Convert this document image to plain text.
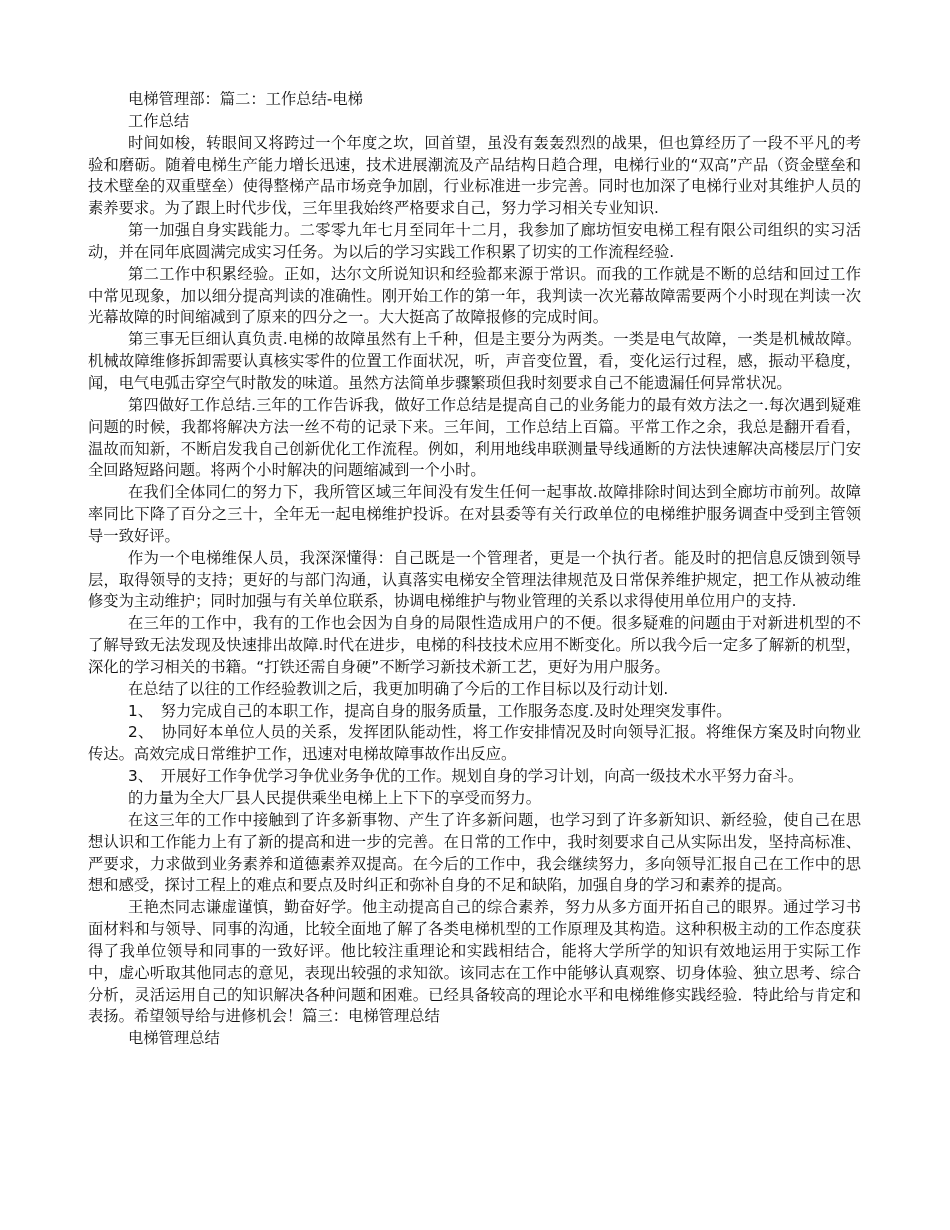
电梯管理部：篇二：工作总结-电梯

工作总结

时间如梭，转眼间又将跨过一个年度之坎，回首望，虽没有轰轰烈烈的战果，但也算经历了一段不平凡的考验和磨砺。随着电梯生产能力增长迅速，技术进展潮流及产品结构日趋合理，电梯行业的“双高”产品（资金壁垒和技术壁垒的双重壁垒）使得整梯产品市场竞争加剧，行业标准进一步完善。同时也加深了电梯行业对其维护人员的素养要求。为了跟上时代步伐，三年里我始终严格要求自己，努力学习相关专业知识.

第一加强自身实践能力。二零零九年七月至同年十二月，我参加了廊坊恒安电梯工程有限公司组织的实习活动，并在同年底圆满完成实习任务。为以后的学习实践工作积累了切实的工作流程经验.

第二工作中积累经验。正如，达尔文所说知识和经验都来源于常识。而我的工作就是不断的总结和回过工作中常见现象，加以细分提高判读的准确性。刚开始工作的第一年，我判读一次光幕故障需要两个小时现在判读一次光幕故障的时间缩减到了原来的四分之一。大大挺高了故障报修的完成时间。

第三事无巨细认真负责.电梯的故障虽然有上千种，但是主要分为两类。一类是电气故障，一类是机械故障。机械故障维修拆卸需要认真核实零件的位置工作面状况，听，声音变位置，看，变化运行过程，感，振动平稳度，闻，电气电弧击穿空气时散发的味道。虽然方法简单步骤繁琐但我时刻要求自己不能遗漏任何异常状况。

第四做好工作总结.三年的工作告诉我，做好工作总结是提高自己的业务能力的最有效方法之一.每次遇到疑难问题的时候，我都将解决方法一丝不苟的记录下来。三年间，工作总结上百篇。平常工作之余，我总是翻开看看，温故而知新，不断启发我自己创新优化工作流程。例如，利用地线串联测量导线通断的方法快速解决高楼层厅门安全回路短路问题。将两个小时解决的问题缩减到一个小时。

在我们全体同仁的努力下，我所管区域三年间没有发生任何一起事故.故障排除时间达到全廊坊市前列。故障率同比下降了百分之三十，全年无一起电梯维护投诉。在对县委等有关行政单位的电梯维护服务调查中受到主管领导一致好评。

作为一个电梯维保人员，我深深懂得：自己既是一个管理者，更是一个执行者。能及时的把信息反馈到领导层，取得领导的支持；更好的与部门沟通，认真落实电梯安全管理法律规范及日常保养维护规定，把工作从被动维修变为主动维护；同时加强与有关单位联系，协调电梯维护与物业管理的关系以求得使用单位用户的支持.

在三年的工作中，我有的工作也会因为自身的局限性造成用户的不便。很多疑难的问题由于对新进机型的不了解导致无法发现及快速排出故障.时代在进步，电梯的科技技术应用不断变化。所以我今后一定多了解新的机型，深化的学习相关的书籍。“打铁还需自身硬”不断学习新技术新工艺，更好为用户服务。

在总结了以往的工作经验教训之后，我更加明确了今后的工作目标以及行动计划.

1、　努力完成自己的本职工作，提高自身的服务质量，工作服务态度.及时处理突发事件。

2、　协同好本单位人员的关系，发挥团队能动性，将工作安排情况及时向领导汇报。将维保方案及时向物业传达。高效完成日常维护工作，迅速对电梯故障事故作出反应。

3、　开展好工作争优学习争优业务争优的工作。规划自身的学习计划，向高一级技术水平努力奋斗。

的力量为全大厂县人民提供乘坐电梯上上下下的享受而努力。

在这三年的工作中接触到了许多新事物、产生了许多新问题，也学习到了许多新知识、新经验，使自己在思想认识和工作能力上有了新的提高和进一步的完善。在日常的工作中，我时刻要求自己从实际出发，坚持高标准、严要求，力求做到业务素养和道德素养双提高。在今后的工作中，我会继续努力，多向领导汇报自己在工作中的思想和感受，探讨工程上的难点和要点及时纠正和弥补自身的不足和缺陷，加强自身的学习和素养的提高。

王艳杰同志谦虚谨慎，勤奋好学。他主动提高自己的综合素养，努力从多方面开拓自己的眼界。通过学习书面材料和与领导、同事的沟通，比较全面地了解了各类电梯机型的工作原理及其构造。这种积极主动的工作态度获得了我单位领导和同事的一致好评。他比较注重理论和实践相结合，能将大学所学的知识有效地运用于实际工作中，虚心听取其他同志的意见，表现出较强的求知欲。该同志在工作中能够认真观察、切身体验、独立思考、综合分析，灵活运用自己的知识解决各种问题和困难。已经具备较高的理论水平和电梯维修实践经验．特此给与肯定和表扬。希望领导给与进修机会！篇三：电梯管理总结

电梯管理总结
